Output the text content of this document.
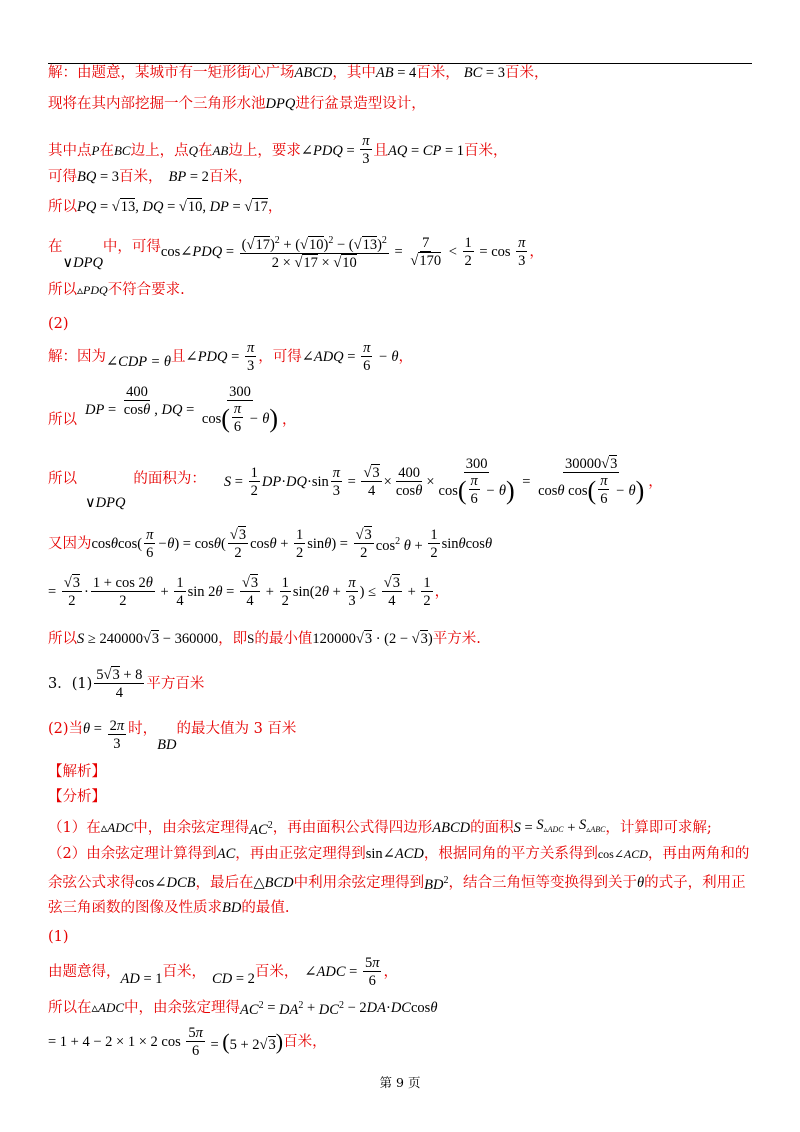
解：由题意，某城市有一矩形街心广场 ABCD ，其中 AB = 4 百米， BC = 3 百米，
现将在其内部挖掘一个三角形水池 DPQ 进行盆景造型设计，
其中点 P 在 BC 边上，点 Q 在 AB 边上，要求 ∠PDQ = $\frac{\pi}{3}$ 且 AQ = CP = 1 百米，
可得 BQ = 3 百米， BP = 2 百米，
所以 PQ = √13, DQ = √10, DP = √17 ，
在
∨DPQ
中，可得 cos ∠PDQ = $\frac{(√17)^2 + (√10)^2 - (√13)^2}{2 \times √17 \times √10} = \frac{7}{√170} < \frac{1}{2} = \cos \frac{\pi}{3}$ ，
所以 ▵PDQ 不符合要求.
(2)
解：因为 ∠CDP = θ 且 ∠PDQ = $\frac{\pi}{3}$ ，可得 ∠ADQ = $\frac{\pi}{6} - \theta$ ，
所以
DP = $\frac{400}{\cos\theta}$ , DQ = $\frac{300}{\cos ( \frac{\pi}{6} - \theta )}$ ，
所以
∨DPQ
的面积为： $S = \frac{1}{2}$ DP · DQ $\cdot\sin \frac{\pi}{3} = \frac{√3}{4} \times \frac{400}{\cos\theta} \times \frac{300}{\cos ( \frac{\pi}{6} - \theta )} = \frac{30000√3}{\cos \theta \cos ( \frac{\pi}{6} - \theta )}$ ，
又因为 $\cos\theta\cos( \frac{\pi}{6} -\theta$ ) = $\cos\theta( \frac{√3}{2}$ $\cos\theta + \frac{1}{2} \sin\theta) = \frac{√3}{2} \cos^2 \theta + \frac{1}{2}$ sinθcosθ
= $\frac{√3}{2} \cdot \frac{1 + \cos 2\theta}{2} + \frac{1}{4}$ $\sin 2\theta = \frac{√3}{4} + \frac{1}{2} \sin(2\theta + \frac{\pi}{3}$ ) ≤ $\frac{√3}{4} + \frac{1}{2}$ ，
所以 S ≥ 240000√3 − 360000 ，即 S 的最小值 120000√3 · (2 − √3) 平方米.
3．$(1) \frac{5√3 + 8}{4}$ 平方百米
(2)当 $\theta = \frac{2\pi}{3}$ 时，
BD
的最大值为 3 百米
【解析】
【分析】
（1）在 ▵ADC 中，由余弦定理得 $AC^2$ ，再由面积公式得四边形 ABCD 的面积 $S = S_{▵ADC} + S_{▵ABC}$ ，计算即可求解;
（2）由余弦定理计算得到 AC ，再由正弦定理得到 sin ∠ACD ，根据同角的平方关系得到 cos ∠ACD ，再由两角和的
余弦公式求得 cos ∠DCB ，最后在 △BCD 中利用余弦定理得到 $BD^2$ ，结合三角恒等变换得到关于 θ 的式子，利用正
弦三角函数的图像及性质求 BD 的最值.
(1)
由题意得， AD = 1 百米， CD = 2 百米， ∠ADC = $\frac{5\pi}{6}$ ，
所以在 ▵ADC 中，由余弦定理得 $AC^2 = DA^2 + DC^2 - 2$ DA · DC cos θ
= 1 + 4 − 2 × 1 × 2 $\cos \frac{5\pi}{6} = (5 + 2√3)$ 百米，
第 9 页
